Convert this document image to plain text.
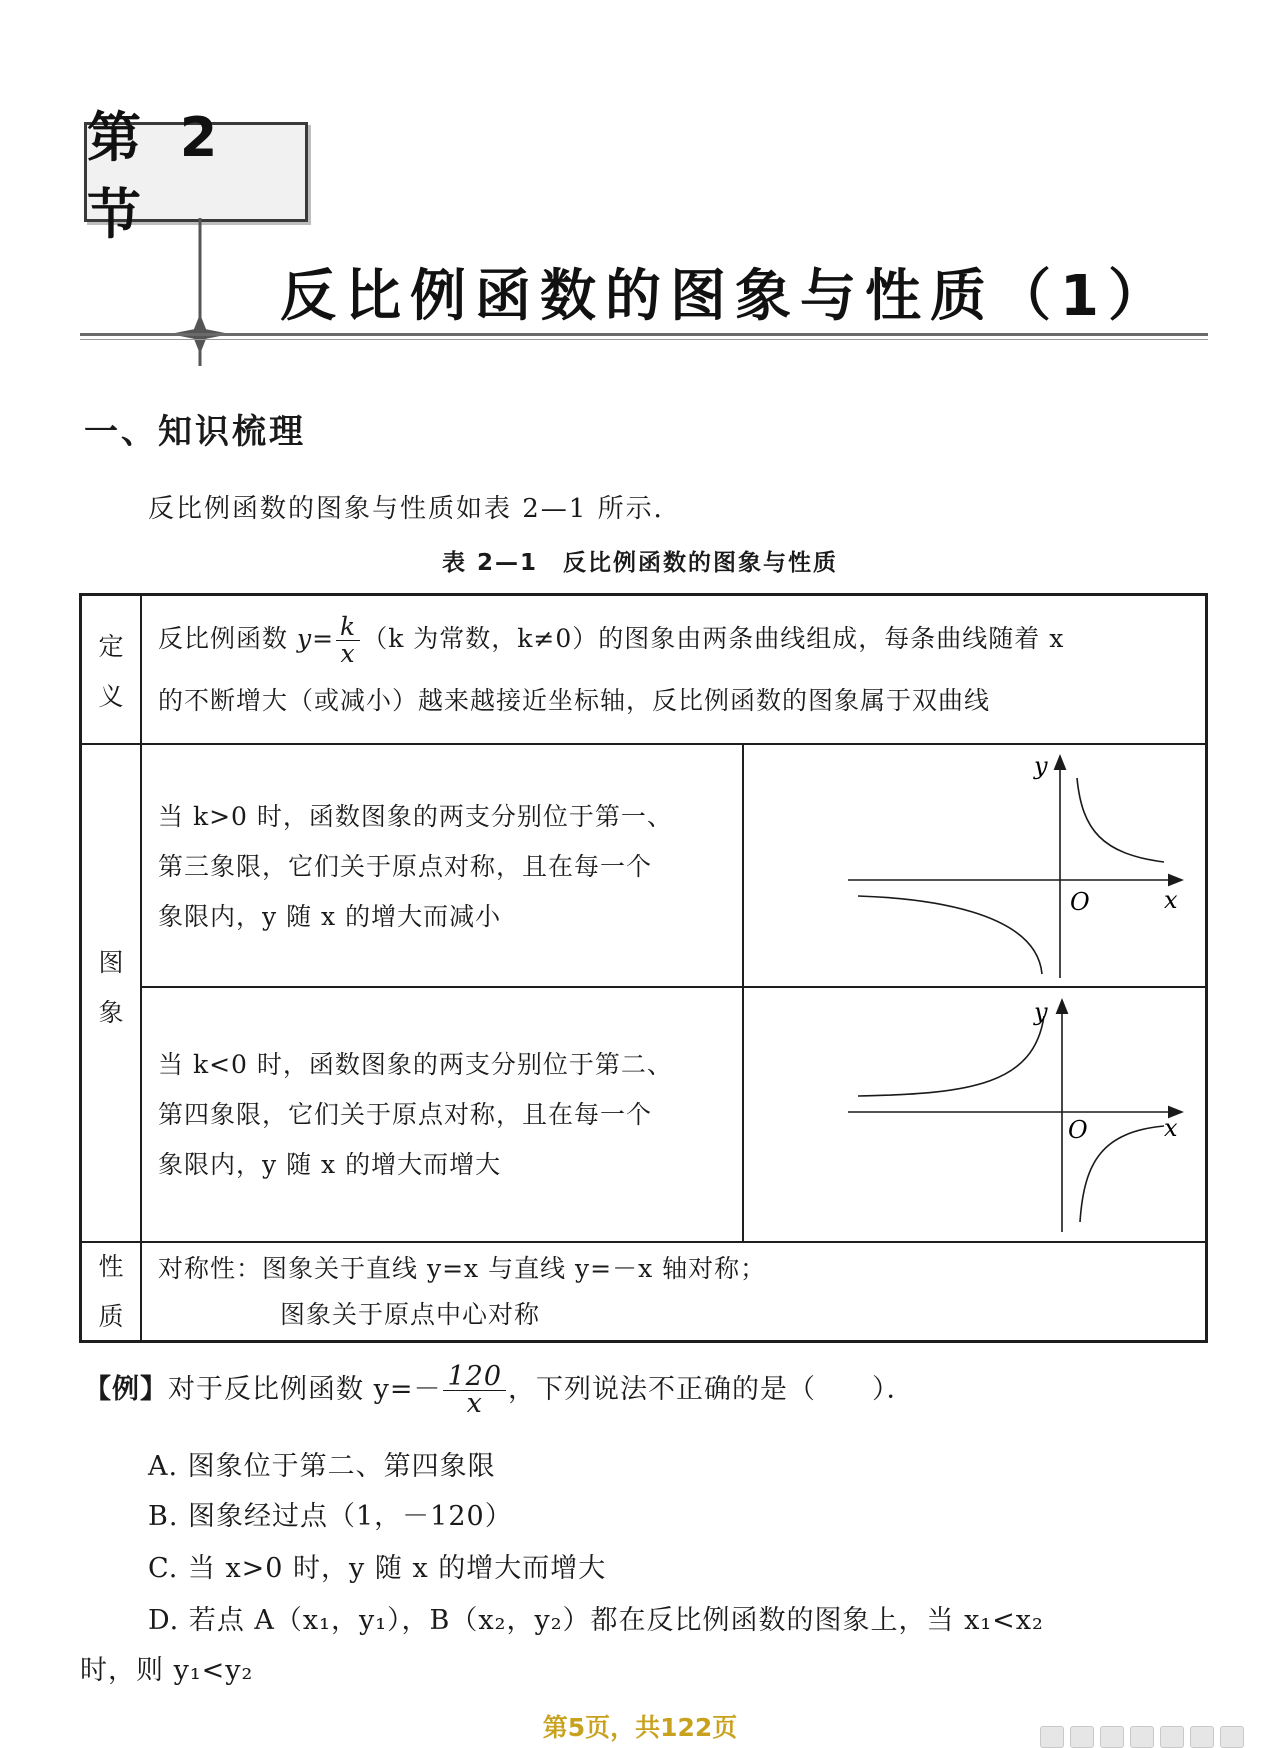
第 2 节
反比例函数的图象与性质（1）
一、知识梳理
反比例函数的图象与性质如表 2—1 所示．
表 2—1　反比例函数的图象与性质
定
义
反比例函数 $y= \frac{k}{x} (k$ 为常数，k≠0）的图象由两条曲线组成，每条曲线随着 x
的不断增大（或减小）越来越接近坐标轴，反比例函数的图象属于双曲线
图
象
当 k>0 时，函数图象的两支分别位于第一、
第三象限，它们关于原点对称，且在每一个
象限内，y 随 x 的增大而减小
当 k<0 时，函数图象的两支分别位于第二、
第四象限，它们关于原点对称，且在每一个
象限内，y 随 x 的增大而增大
y
x
O
y
x
O
性
质
对称性：图象关于直线 y=x 与直线 y=－x 轴对称；
图象关于原点中心对称
【例】对于反比例函数 $y=- \frac{120}{x}$ ，下列说法不正确的是（　　）．
A. 图象位于第二、第四象限
B. 图象经过点（1，－120）
C. 当 x>0 时，y 随 x 的增大而增大
D. 若点 A（x₁，y₁），B（x₂，y₂）都在反比例函数的图象上，当 x₁<x₂
时，则 y₁<y₂
第5页，共122页
